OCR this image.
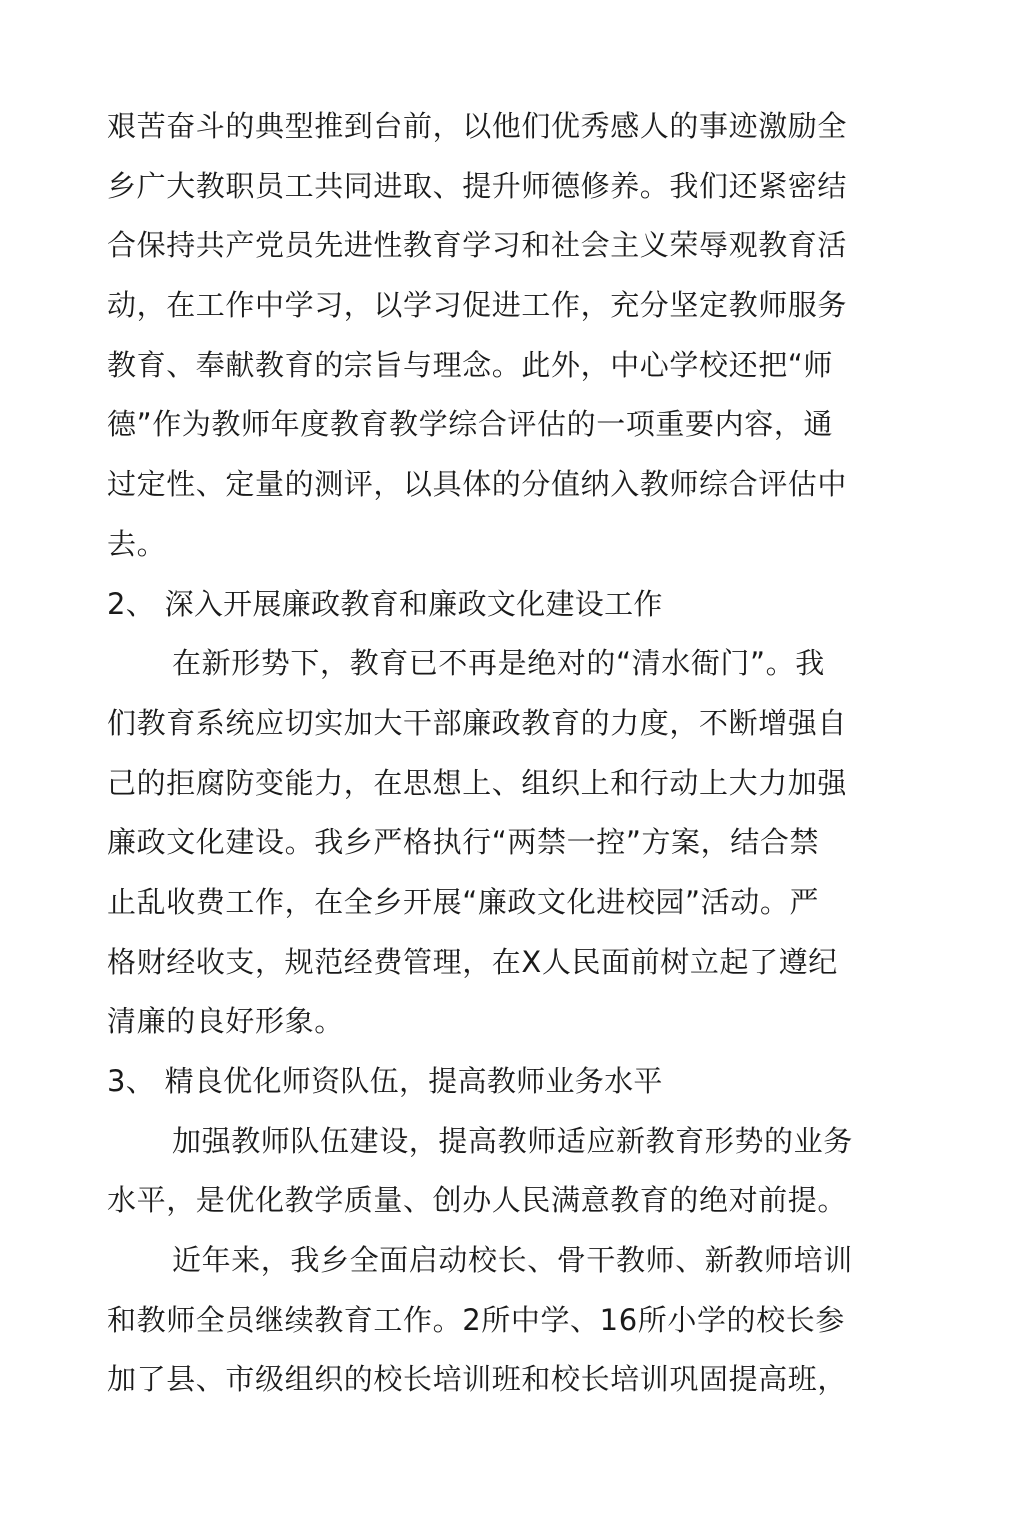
艰苦奋斗的典型推到台前，以他们优秀感人的事迹激励全
乡广大教职员工共同进取、提升师德修养。我们还紧密结
合保持共产党员先进性教育学习和社会主义荣辱观教育活
动，在工作中学习，以学习促进工作，充分坚定教师服务
教育、奉献教育的宗旨与理念。此外，中心学校还把“师
德”作为教师年度教育教学综合评估的一项重要内容，通
过定性、定量的测评，以具体的分值纳入教师综合评估中
去。
2、 深入开展廉政教育和廉政文化建设工作
在新形势下，教育已不再是绝对的“清水衙门”。我
们教育系统应切实加大干部廉政教育的力度，不断增强自
己的拒腐防变能力，在思想上、组织上和行动上大力加强
廉政文化建设。我乡严格执行“两禁一控”方案，结合禁
止乱收费工作，在全乡开展“廉政文化进校园”活动。严
格财经收支，规范经费管理，在X人民面前树立起了遵纪
清廉的良好形象。
3、 精良优化师资队伍，提高教师业务水平
加强教师队伍建设，提高教师适应新教育形势的业务
水平，是优化教学质量、创办人民满意教育的绝对前提。
近年来，我乡全面启动校长、骨干教师、新教师培训
和教师全员继续教育工作。2所中学、16所小学的校长参
加了县、市级组织的校长培训班和校长培训巩固提高班，
